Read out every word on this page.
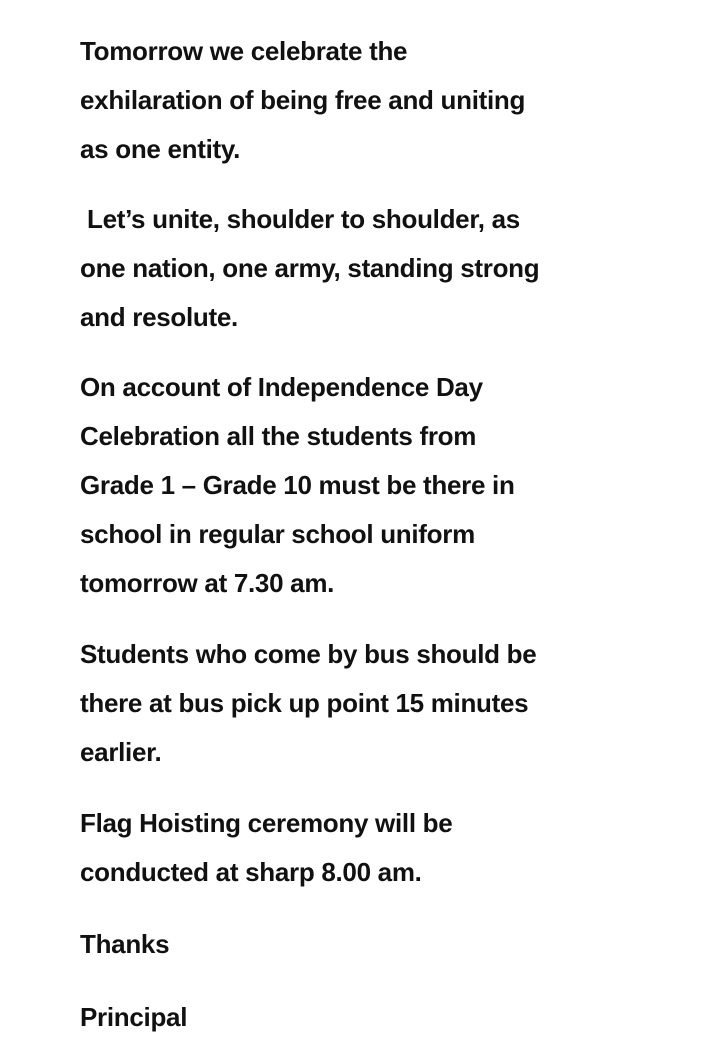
Tomorrow we celebrate the
exhilaration of being free and uniting
as one entity.

Let’s unite, shoulder to shoulder, as
one nation, one army, standing strong
and resolute.

On account of Independence Day
Celebration all the students from
Grade 1 – Grade 10 must be there in
school in regular school uniform
tomorrow at 7.30 am.

Students who come by bus should be
there at bus pick up point 15 minutes
earlier.

Flag Hoisting ceremony will be
conducted at sharp 8.00 am.

Thanks

Principal
